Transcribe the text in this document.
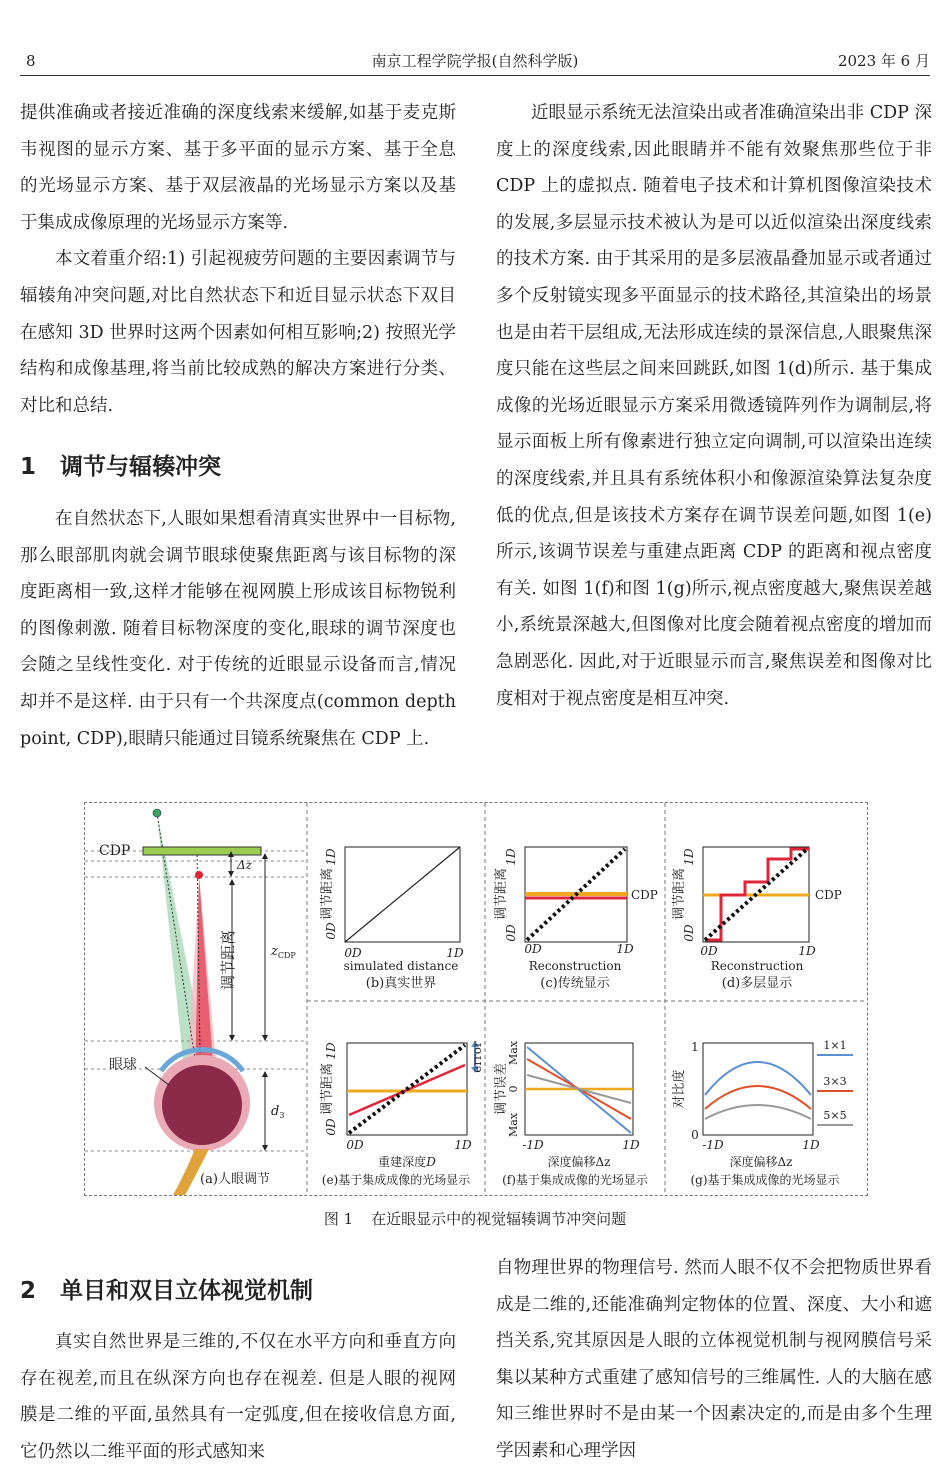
8	南京工程学院学报(自然科学版)	2023 年 6 月

提供准确或者接近准确的深度线索来缓解,如基于麦克斯韦视图的显示方案、基于多平面的显示方案、基于全息的光场显示方案、基于双层液晶的光场显示方案以及基于集成成像原理的光场显示方案等.

本文着重介绍:1) 引起视疲劳问题的主要因素调节与辐辏角冲突问题,对比自然状态下和近目显示状态下双目在感知 3D 世界时这两个因素如何相互影响;2) 按照光学结构和成像基理,将当前比较成熟的解决方案进行分类、对比和总结.

1 调节与辐辏冲突

在自然状态下,人眼如果想看清真实世界中一目标物,那么眼部肌肉就会调节眼球使聚焦距离与该目标物的深度距离相一致,这样才能够在视网膜上形成该目标物锐利的图像刺激. 随着目标物深度的变化,眼球的调节深度也会随之呈线性变化. 对于传统的近眼显示设备而言,情况却并不是这样. 由于只有一个共深度点(common depth point, CDP),眼睛只能通过目镜系统聚焦在 CDP 上.

近眼显示系统无法渲染出或者准确渲染出非 CDP 深度上的深度线索,因此眼睛并不能有效聚焦那些位于非 CDP 上的虚拟点. 随着电子技术和计算机图像渲染技术的发展,多层显示技术被认为是可以近似渲染出深度线索的技术方案. 由于其采用的是多层液晶叠加显示或者通过多个反射镜实现多平面显示的技术路径,其渲染出的场景也是由若干层组成,无法形成连续的景深信息,人眼聚焦深度只能在这些层之间来回跳跃,如图 1(d)所示. 基于集成成像的光场近眼显示方案采用微透镜阵列作为调制层,将显示面板上所有像素进行独立定向调制,可以渲染出连续的深度线索,并且具有系统体积小和像源渲染算法复杂度低的优点,但是该技术方案存在调节误差问题,如图 1(e)所示,该调节误差与重建点距离 CDP 的距离和视点密度有关. 如图 1(f)和图 1(g)所示,视点密度越大,聚焦误差越小,系统景深越大,但图像对比度会随着视点密度的增加而急剧恶化. 因此,对于近眼显示而言,聚焦误差和图像对比度相对于视点密度是相互冲突.

CDP
Δz
调节距离	$z_{CDP}$
眼球
$d_3$
(a)人眼调节
调节距离
1D
0D
0D	1D
simulated distance
(b)真实世界
CDP
调节距离
1D
0D
0D	1D
Reconstruction
(c)传统显示
CDP
调节距离
1D
0D
0D	1D
Reconstruction
(d)多层显示
error
调节距离
1D
0D
0D	1D
重建深度D
(e)基于集成成像的光场显示
调节误差
Max
0
Max
-1D	1D
深度偏移Δz
(f)基于集成成像的光场显示
1×1
3×3
5×5
对比度
1
0
-1D	1D
深度偏移Δz
(g)基于集成成像的光场显示
图 1 在近眼显示中的视觉辐辏调节冲突问题
2 单目和双目立体视觉机制

真实自然世界是三维的,不仅在水平方向和垂直方向存在视差,而且在纵深方向也存在视差. 但是人眼的视网膜是二维的平面,虽然具有一定弧度,但在接收信息方面,它仍然以二维平面的形式感知来

自物理世界的物理信号. 然而人眼不仅不会把物质世界看成是二维的,还能准确判定物体的位置、深度、大小和遮挡关系,究其原因是人眼的立体视觉机制与视网膜信号采集以某种方式重建了感知信号的三维属性. 人的大脑在感知三维世界时不是由某一个因素决定的,而是由多个生理学因素和心理学因
